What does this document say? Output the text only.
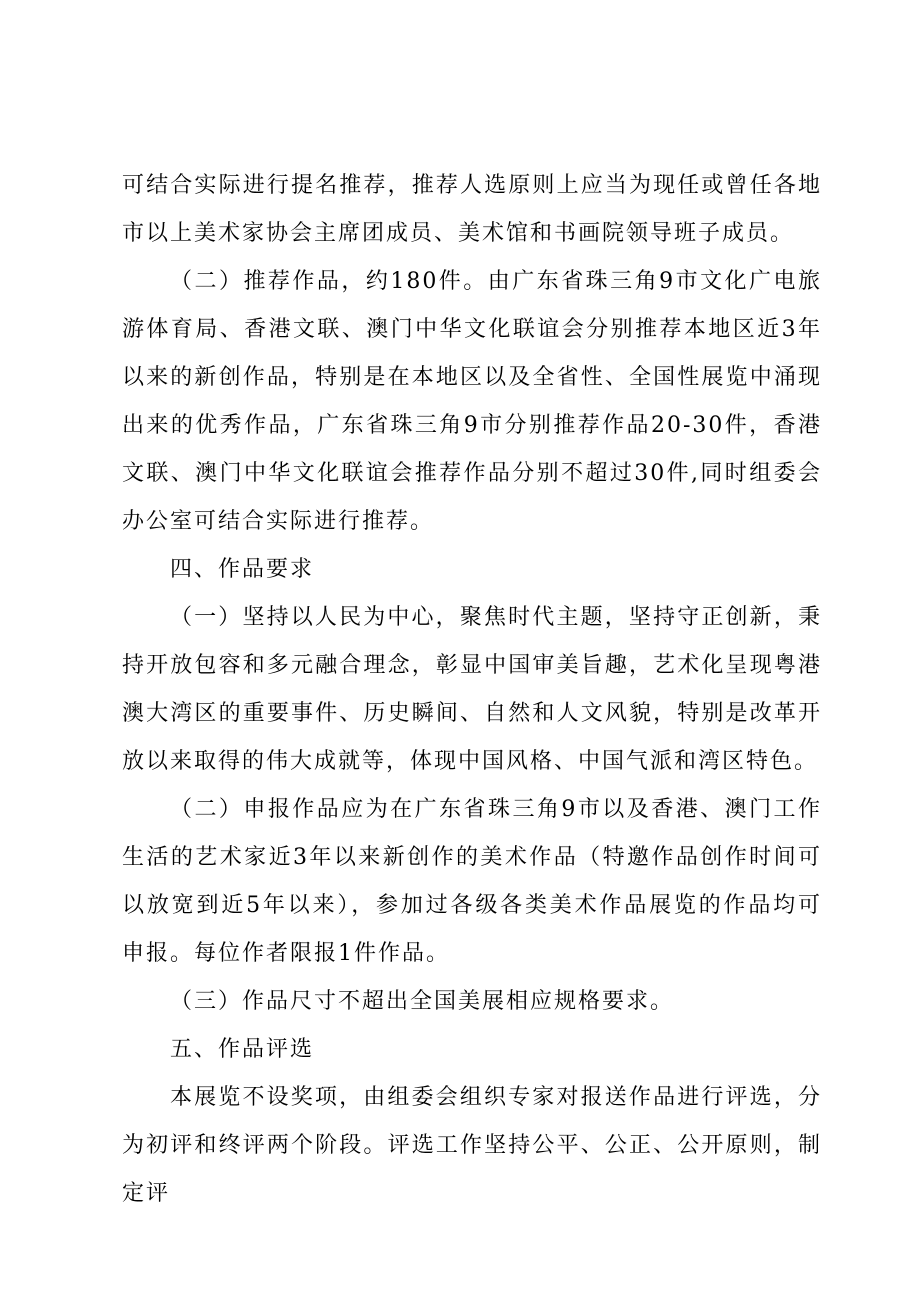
可结合实际进行提名推荐，推荐人选原则上应当为现任或曾任各地市以上美术家协会主席团成员、美术馆和书画院领导班子成员。

（二）推荐作品，约180件。由广东省珠三角9市文化广电旅游体育局、香港文联、澳门中华文化联谊会分别推荐本地区近3年以来的新创作品，特别是在本地区以及全省性、全国性展览中涌现出来的优秀作品，广东省珠三角9市分别推荐作品20-30件，香港文联、澳门中华文化联谊会推荐作品分别不超过30件,同时组委会办公室可结合实际进行推荐。

四、作品要求

（一）坚持以人民为中心，聚焦时代主题，坚持守正创新，秉持开放包容和多元融合理念，彰显中国审美旨趣，艺术化呈现粤港澳大湾区的重要事件、历史瞬间、自然和人文风貌，特别是改革开放以来取得的伟大成就等，体现中国风格、中国气派和湾区特色。

（二）申报作品应为在广东省珠三角9市以及香港、澳门工作生活的艺术家近3年以来新创作的美术作品（特邀作品创作时间可以放宽到近5年以来），参加过各级各类美术作品展览的作品均可申报。每位作者限报1件作品。

（三）作品尺寸不超出全国美展相应规格要求。

五、作品评选

本展览不设奖项，由组委会组织专家对报送作品进行评选，分为初评和终评两个阶段。评选工作坚持公平、公正、公开原则，制定评
